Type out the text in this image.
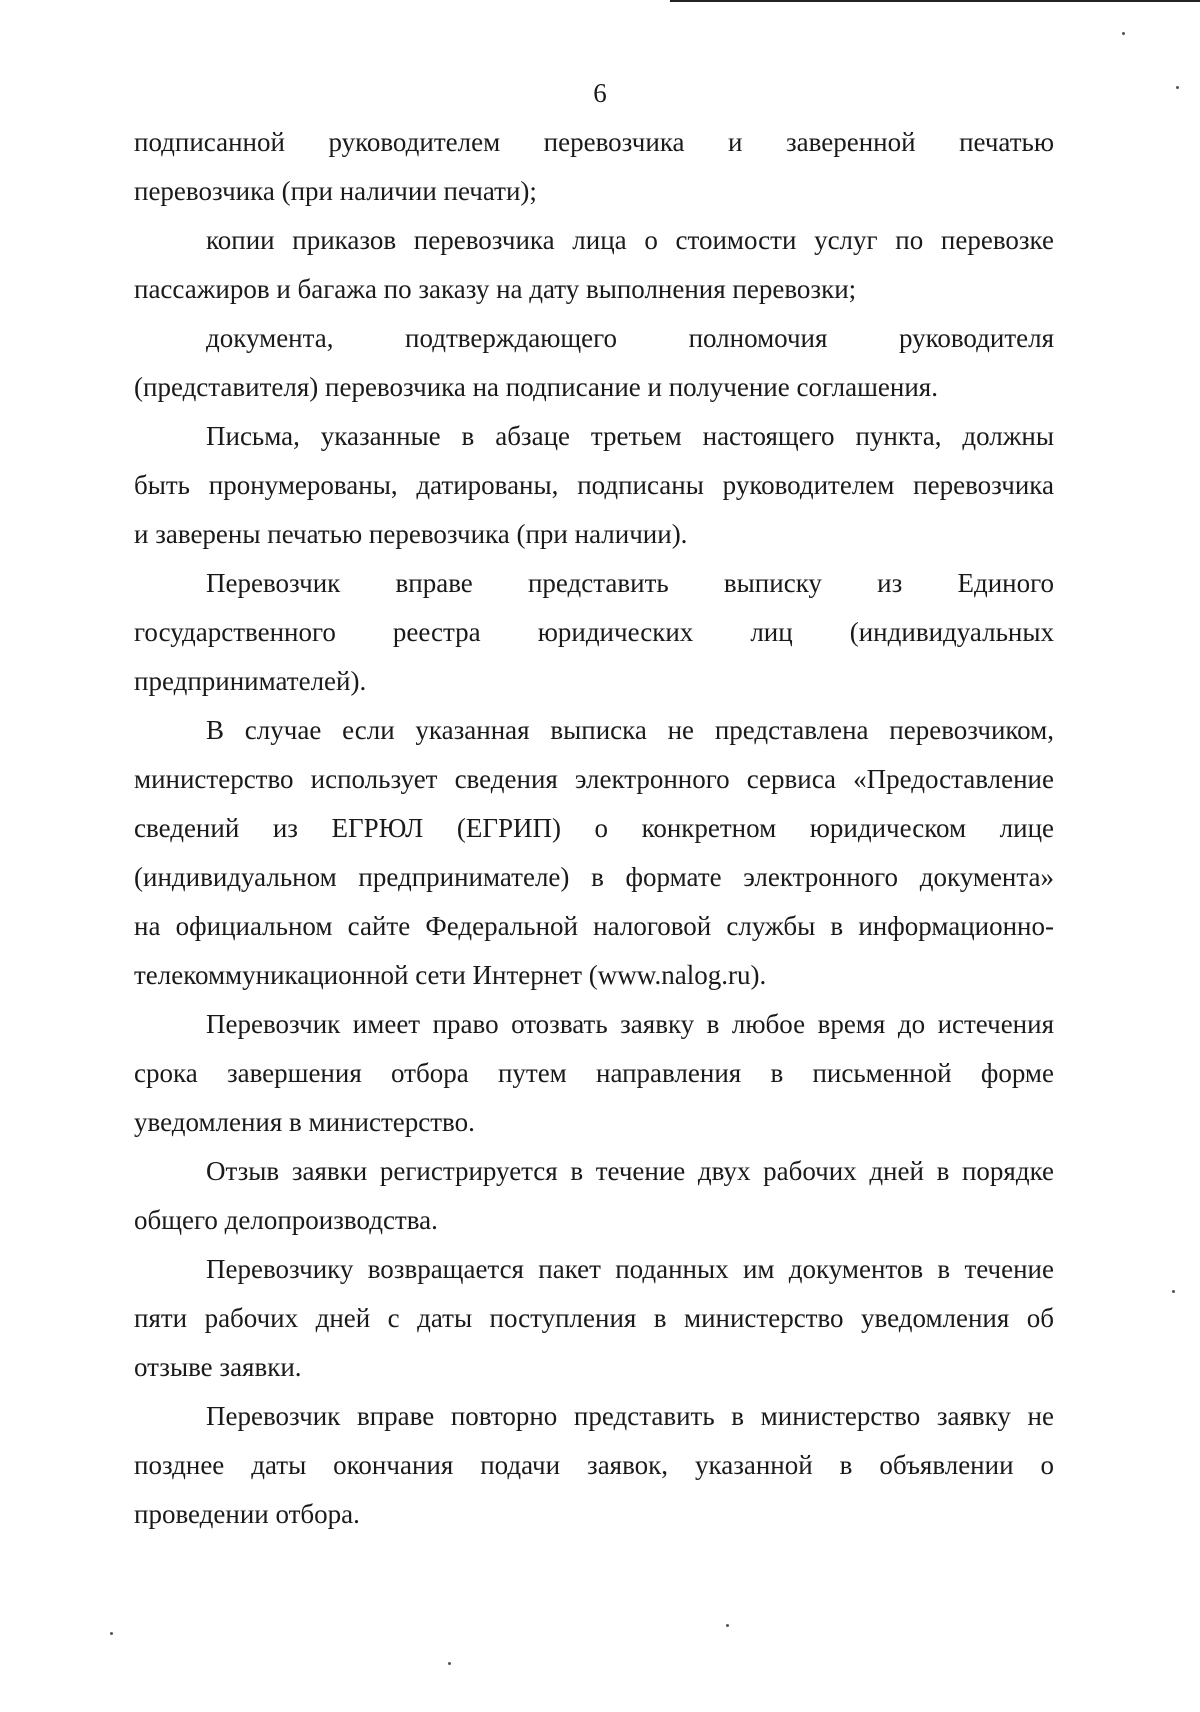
6
подписанной руководителем перевозчика и заверенной печатью
перевозчика (при наличии печати);
копии приказов перевозчика лица о стоимости услуг по перевозке
пассажиров и багажа по заказу на дату выполнения перевозки;
документа, подтверждающего полномочия руководителя
(представителя) перевозчика на подписание и получение соглашения.
Письма, указанные в абзаце третьем настоящего пункта, должны
быть пронумерованы, датированы, подписаны руководителем перевозчика
и заверены печатью перевозчика (при наличии).
Перевозчик вправе представить выписку из Единого
государственного реестра юридических лиц (индивидуальных
предпринимателей).
В случае если указанная выписка не представлена перевозчиком,
министерство использует сведения электронного сервиса «Предоставление
сведений из ЕГРЮЛ (ЕГРИП) о конкретном юридическом лице
(индивидуальном предпринимателе) в формате электронного документа»
на официальном сайте Федеральной налоговой службы в информационно-
телекоммуникационной сети Интернет (www.nalog.ru).
Перевозчик имеет право отозвать заявку в любое время до истечения
срока завершения отбора путем направления в письменной форме
уведомления в министерство.
Отзыв заявки регистрируется в течение двух рабочих дней в порядке
общего делопроизводства.
Перевозчику возвращается пакет поданных им документов в течение
пяти рабочих дней с даты поступления в министерство уведомления об
отзыве заявки.
Перевозчик вправе повторно представить в министерство заявку не
позднее даты окончания подачи заявок, указанной в объявлении о
проведении отбора.
